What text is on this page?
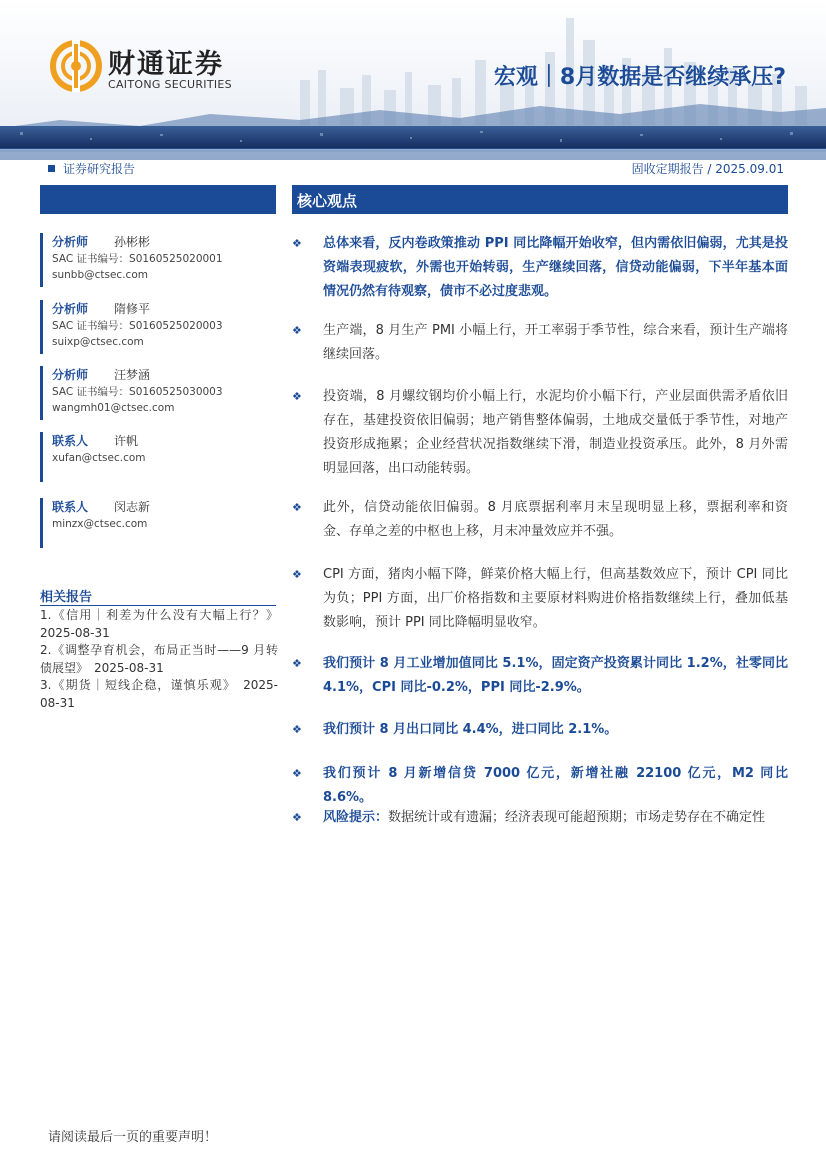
财通证券
CAITONG SECURITIES	宏观｜8月数据是否继续承压?
证券研究报告	固收定期报告 / 2025.09.01
核心观点
分析师 孙彬彬
SAC 证书编号：S0160525020001
sunbb@ctsec.com
分析师 隋修平
SAC 证书编号：S0160525020003
suixp@ctsec.com
分析师 汪梦涵
SAC 证书编号：S0160525030003
wangmh01@ctsec.com
联系人 许帆
xufan@ctsec.com
联系人 闵志新
minzx@ctsec.com
相关报告
1.《信用｜利差为什么没有大幅上行？》 2025-08-31
2.《调整孕育机会，布局正当时——9 月转债展望》　2025-08-31
3.《期货｜短线企稳，谨慎乐观》　2025-08-31
❖ 总体来看，反内卷政策推动 PPI 同比降幅开始收窄，但内需依旧偏弱，尤其是投资端表现疲软，外需也开始转弱，生产继续回落，信贷动能偏弱，下半年基本面情况仍然有待观察，债市不必过度悲观。
❖ 生产端，8 月生产 PMI 小幅上行，开工率弱于季节性，综合来看，预计生产端将继续回落。
❖ 投资端，8 月螺纹钢均价小幅上行，水泥均价小幅下行，产业层面供需矛盾依旧存在，基建投资依旧偏弱；地产销售整体偏弱，土地成交量低于季节性，对地产投资形成拖累；企业经营状况指数继续下滑，制造业投资承压。此外，8 月外需明显回落，出口动能转弱。
❖ 此外，信贷动能依旧偏弱。8 月底票据利率月末呈现明显上移，票据利率和资金、存单之差的中枢也上移，月末冲量效应并不强。
❖ CPI 方面，猪肉小幅下降，鲜菜价格大幅上行，但高基数效应下，预计 CPI 同比为负；PPI 方面，出厂价格指数和主要原材料购进价格指数继续上行，叠加低基数影响，预计 PPI 同比降幅明显收窄。
❖ 我们预计 8 月工业增加值同比 5.1%，固定资产投资累计同比 1.2%，社零同比 4.1%，CPI 同比-0.2%，PPI 同比-2.9%。
❖ 我们预计 8 月出口同比 4.4%，进口同比 2.1%。
❖ 我们预计 8 月新增信贷 7000 亿元，新增社融 22100 亿元，M2 同比 8.6%。
❖ 风险提示：数据统计或有遗漏；经济表现可能超预期；市场走势存在不确定性
请阅读最后一页的重要声明！
